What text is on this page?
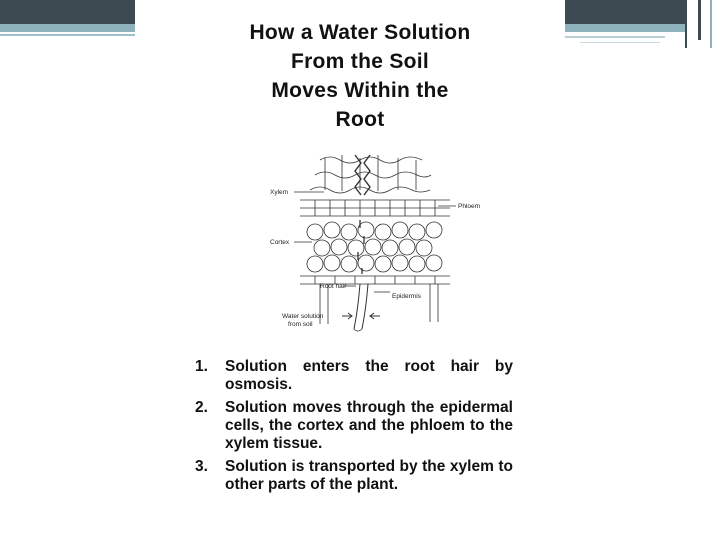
How a Water Solution
From the Soil
Moves Within the
Root
Xylem
Cortex
Phloem
Root hair
Epidermis
Water solution
from soil
1.	Solution enters the root hair by osmosis.
2.	Solution moves through the epidermal cells, the cortex and the phloem to the xylem tissue.
3.	Solution is transported by the xylem to other parts of the plant.
